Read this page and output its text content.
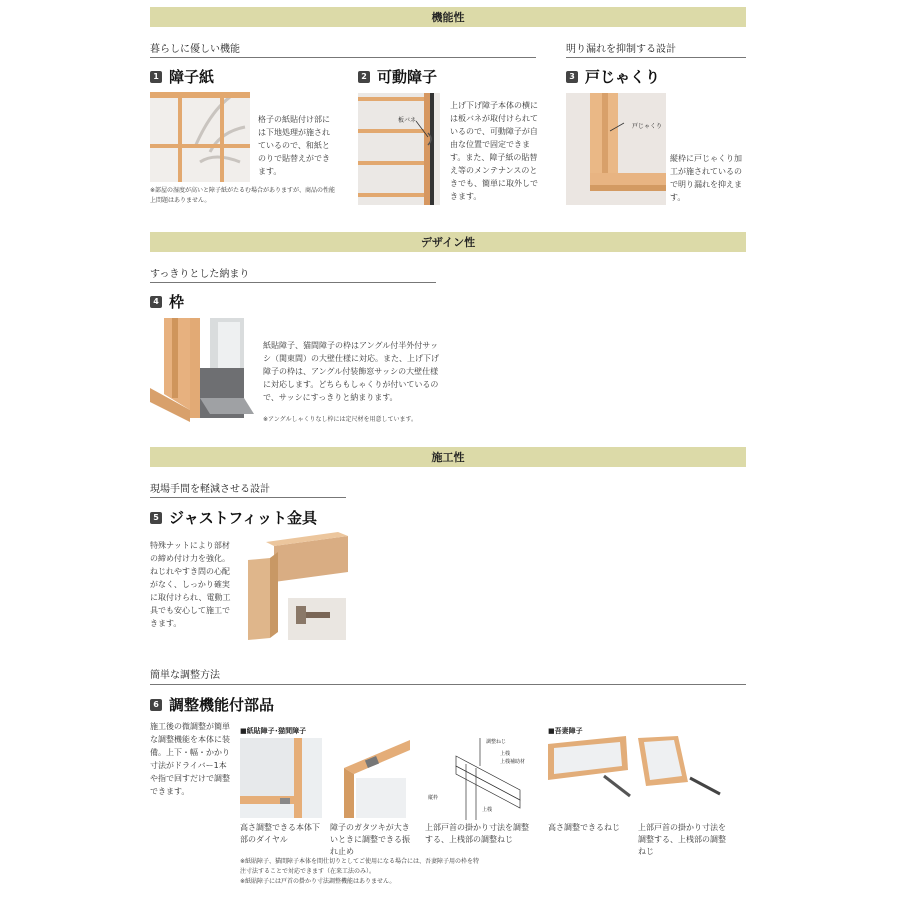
機能性
暮らしに優しい機能	明り漏れを抑制する設計
1 障子紙
格子の紙貼付け部には下地処理が施されているので、和紙とのりで貼替えができます。
※部屋の湿度が高いと障子紙がたるむ場合がありますが、商品の性能上問題はありません。
2 可動障子
板バネ
上げ下げ障子本体の横には板バネが取付けられているので、可動障子が自由な位置で固定できます。また、障子紙の貼替え等のメンテナンスのときでも、簡単に取外しできます。
3 戸じゃくり
戸じゃくり
縦枠に戸じゃくり加工が施されているので明り漏れを抑えます。
デザイン性
すっきりとした納まり
4 枠
紙貼障子、猫間障子の枠はアングル付半外付サッシ（関東間）の大壁仕様に対応。また、上げ下げ障子の枠は、アングル付装飾窓サッシの大壁仕様に対応します。どちらもしゃくりが付いているので、サッシにすっきりと納まります。
※アングルしゃくりなし枠には定尺材を用意しています。
施工性
現場手間を軽減させる設計
5 ジャストフィット金具
特殊ナットにより部材の締め付け力を強化。ねじれやすき問の心配がなく、しっかり確実に取付けられ、電動工具でも安心して施工できます。
簡単な調整方法
6 調整機能付部品
施工後の微調整が簡単な調整機能を本体に装備。上下・幅・かかり寸法がドライバー1本や指で回すだけで調整できます。
■紙貼障子･猫間障子	■吾妻障子
調整ねじ
上桟
上桟補助材
縦枠
上桟
高さ調整できる本体下部のダイヤル
障子のガタツキが大きいときに調整できる振れ止め
上部戸首の掛かり寸法を調整する、上桟部の調整ねじ
高さ調整できるねじ	上部戸首の掛かり寸法を調整する、上桟部の調整ねじ
※紙貼障子、猫間障子本体を間仕切りとしてご使用になる場合には、吾妻障子用の枠を特注寸法することで対応できます（在来工法のみ）。
※紙貼障子には戸首の掛かり寸法調整機能はありません。
